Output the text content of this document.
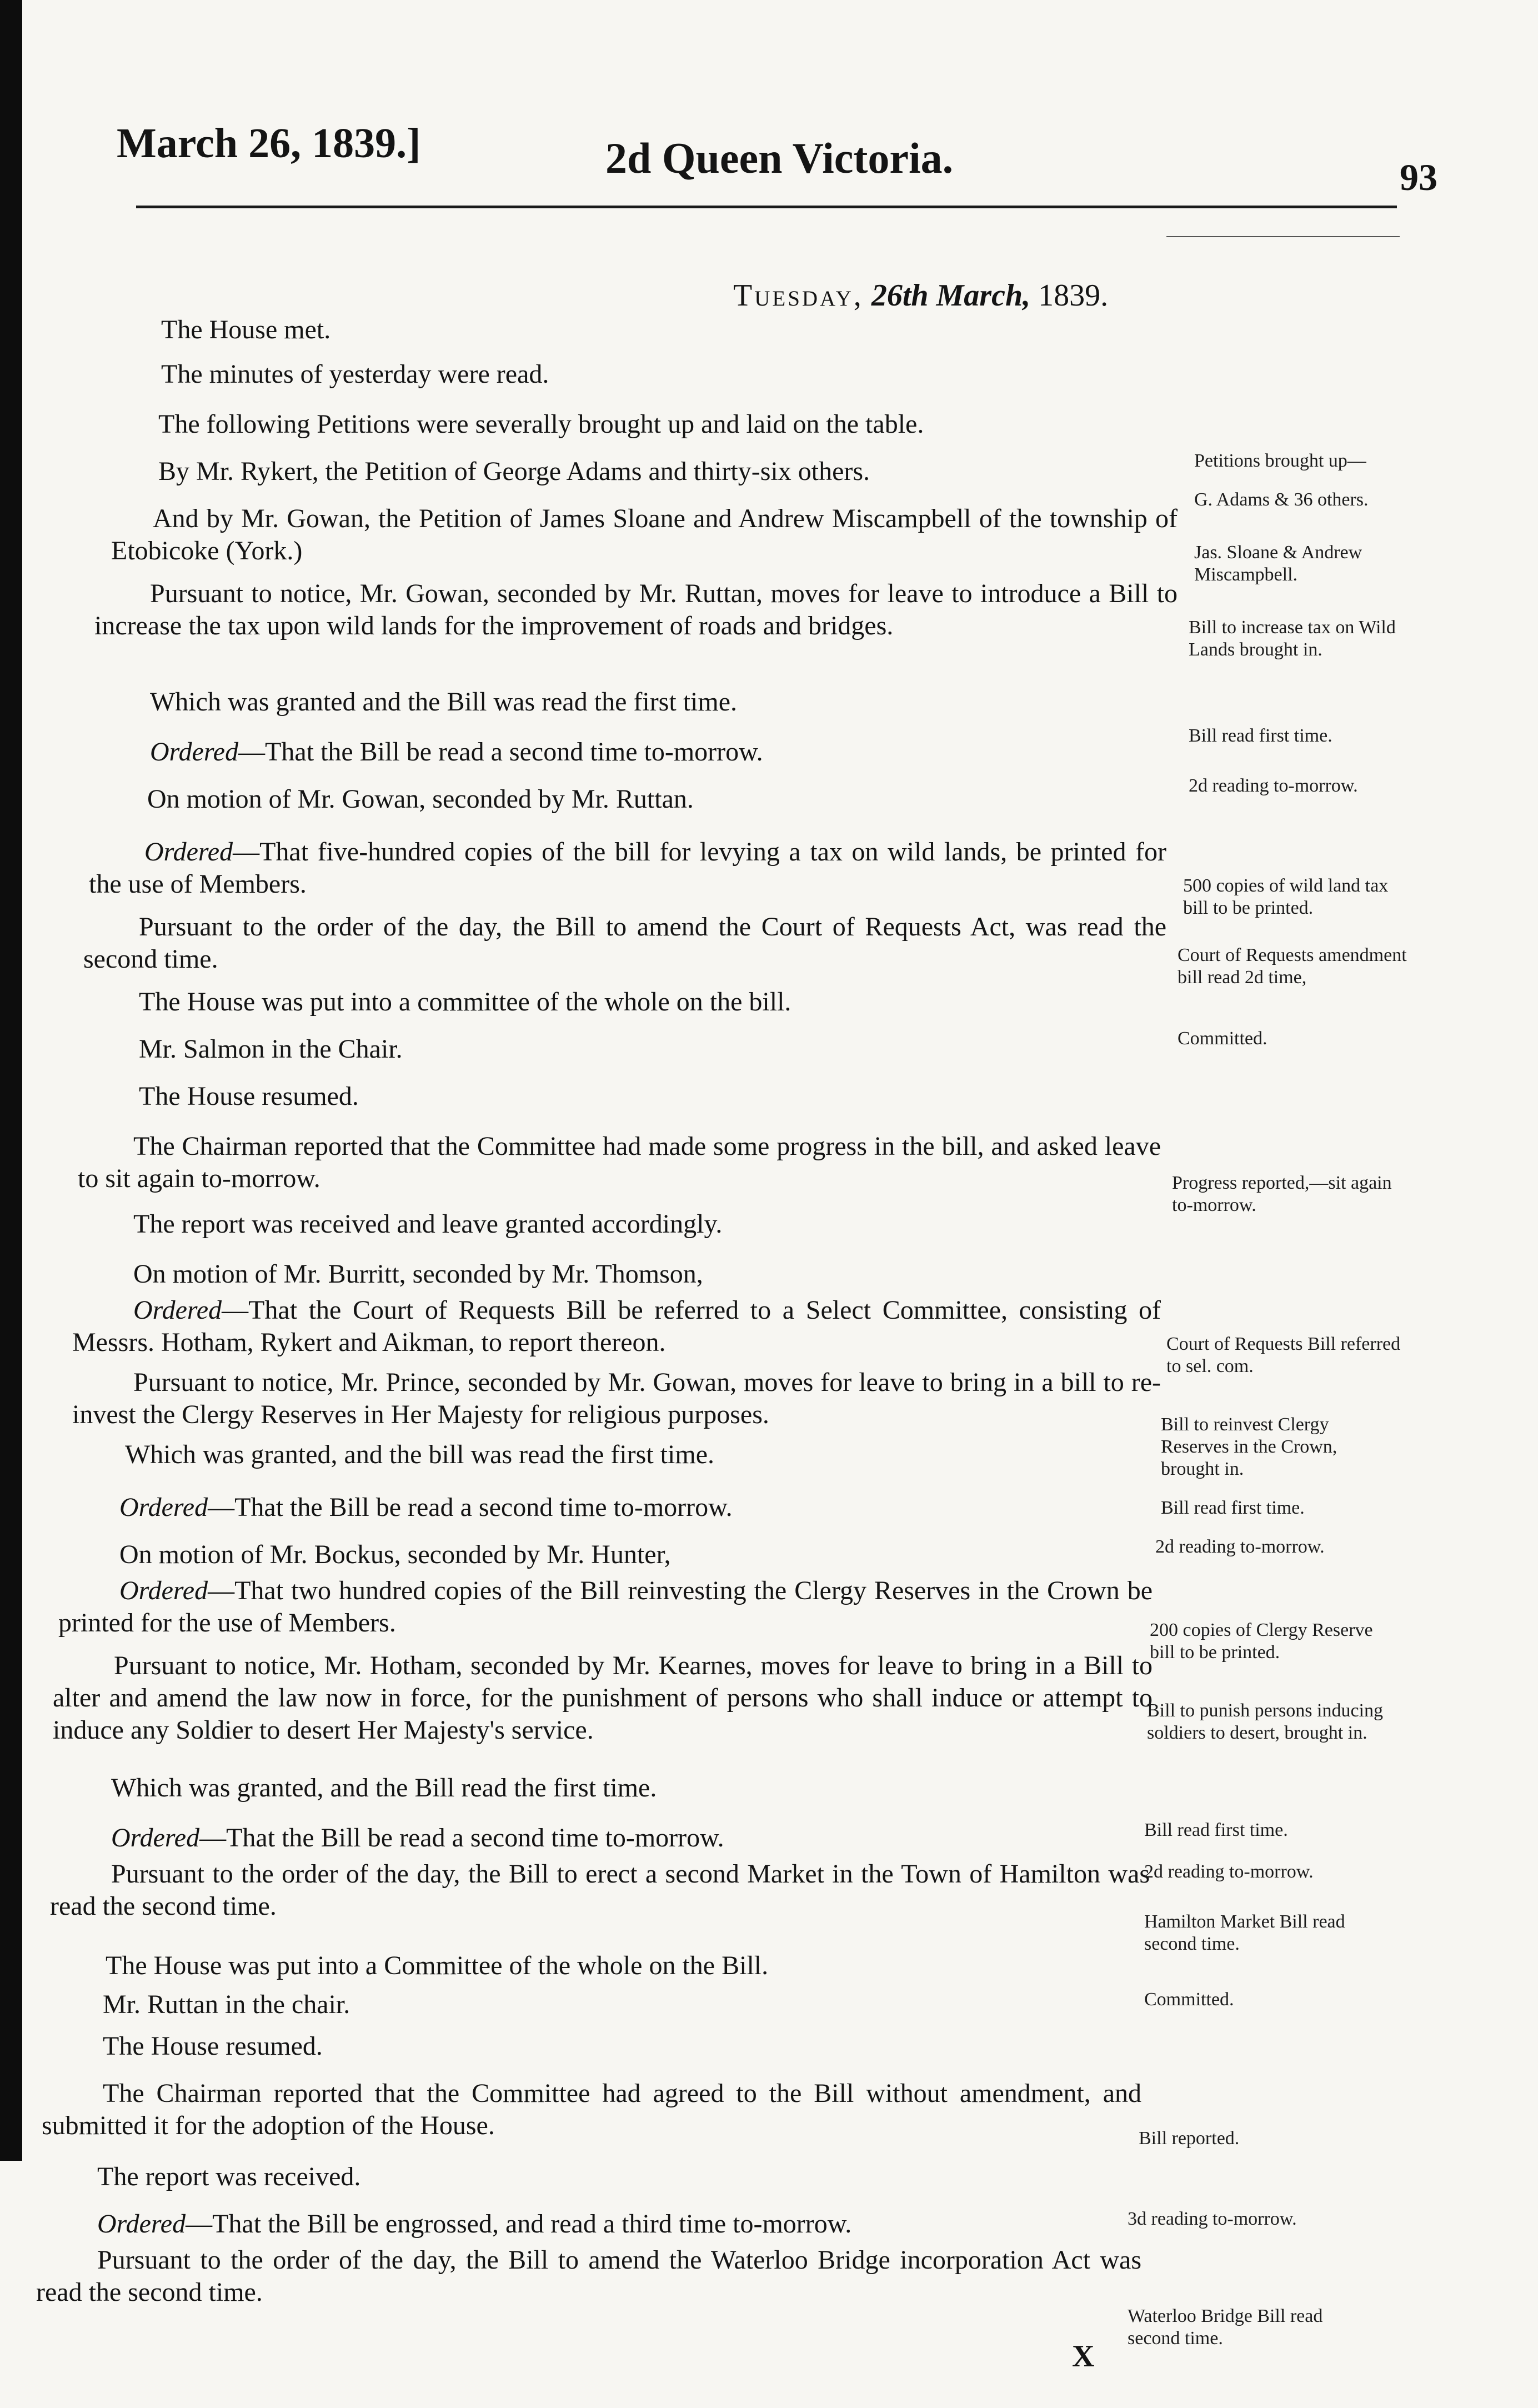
March 26, 1839.]	2d Queen Victoria.	93
Tuesday, 26th March, 1839.
The House met.
The minutes of yesterday were read.
The following Petitions were severally brought up and laid on the table.
By Mr. Rykert, the Petition of George Adams and thirty-six others.
And by Mr. Gowan, the Petition of James Sloane and Andrew Miscampbell of the township of Etobicoke (York.)
Pursuant to notice, Mr. Gowan, seconded by Mr. Ruttan, moves for leave to introduce a Bill to increase the tax upon wild lands for the improvement of roads and bridges.
Which was granted and the Bill was read the first time.
Ordered—That the Bill be read a second time to-morrow.
On motion of Mr. Gowan, seconded by Mr. Ruttan.
Ordered—That five-hundred copies of the bill for levying a tax on wild lands, be printed for the use of Members.
Pursuant to the order of the day, the Bill to amend the Court of Requests Act, was read the second time.
The House was put into a committee of the whole on the bill.
Mr. Salmon in the Chair.
The House resumed.
The Chairman reported that the Committee had made some progress in the bill, and asked leave to sit again to-morrow.
The report was received and leave granted accordingly.
On motion of Mr. Burritt, seconded by Mr. Thomson,
Ordered—That the Court of Requests Bill be referred to a Select Committee, consisting of Messrs. Hotham, Rykert and Aikman, to report thereon.
Pursuant to notice, Mr. Prince, seconded by Mr. Gowan, moves for leave to bring in a bill to re-invest the Clergy Reserves in Her Majesty for religious purposes.
Which was granted, and the bill was read the first time.
Ordered—That the Bill be read a second time to-morrow.
On motion of Mr. Bockus, seconded by Mr. Hunter,
Ordered—That two hundred copies of the Bill reinvesting the Clergy Reserves in the Crown be printed for the use of Members.
Pursuant to notice, Mr. Hotham, seconded by Mr. Kearnes, moves for leave to bring in a Bill to alter and amend the law now in force, for the punishment of persons who shall induce or attempt to induce any Soldier to desert Her Majesty's service.
Which was granted, and the Bill read the first time.
Ordered—That the Bill be read a second time to-morrow.
Pursuant to the order of the day, the Bill to erect a second Market in the Town of Hamilton was read the second time.
The House was put into a Committee of the whole on the Bill.
Mr. Ruttan in the chair.
The House resumed.
The Chairman reported that the Committee had agreed to the Bill without amendment, and submitted it for the adoption of the House.
The report was received.
Ordered—That the Bill be engrossed, and read a third time to-morrow.
Pursuant to the order of the day, the Bill to amend the Waterloo Bridge incorporation Act was read the second time.
Petitions brought up—
G. Adams & 36 others.
Jas. Sloane & Andrew Miscampbell.
Bill to increase tax on Wild Lands brought in.
Bill read first time.
2d reading to-morrow.
500 copies of wild land tax bill to be printed.
Court of Requests amendment bill read 2d time,
Committed.
Progress reported,—sit again to-morrow.
Court of Requests Bill referred to sel. com.
Bill to reinvest Clergy Reserves in the Crown, brought in.
Bill read first time.
2d reading to-morrow.
200 copies of Clergy Reserve bill to be printed.
Bill to punish persons inducing soldiers to desert, brought in.
Bill read first time.
2d reading to-morrow.
Hamilton Market Bill read second time.
Committed.
Bill reported.
3d reading to-morrow.
Waterloo Bridge Bill read second time.
X
